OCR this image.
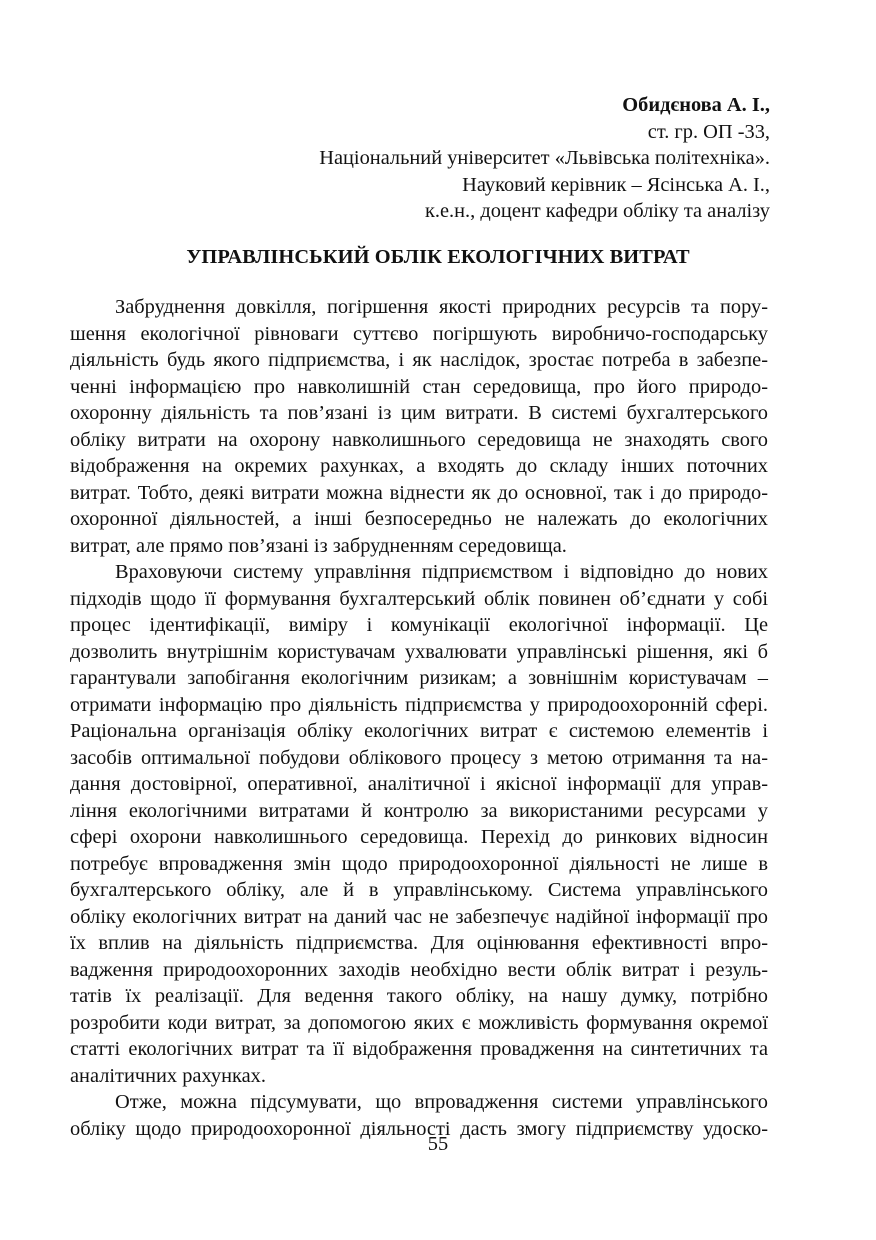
Обидєнова А. І.,
ст. гр. ОП -33,
Національний університет «Львівська політехніка».
Науковий керівник – Ясінська А. І.,
к.е.н., доцент кафедри обліку та аналізу
УПРАВЛІНСЬКИЙ ОБЛІК ЕКОЛОГІЧНИХ ВИТРАТ

Забруднення довкілля, погіршення якості природних ресурсів та пору-
шення екологічної рівноваги суттєво погіршують виробничо-господарську
діяльність будь якого підприємства, і як наслідок, зростає потреба в забезпе-
ченні інформацією про навколишній стан середовища, про його природо-
охоронну діяльність та пов’язані із цим витрати. В системі бухгалтерського
обліку витрати на охорону навколишнього середовища не знаходять свого
відображення на окремих рахунках, а входять до складу інших поточних
витрат. Тобто, деякі витрати можна віднести як до основної, так і до природо-
охоронної діяльностей, а інші безпосередньо не належать до екологічних
витрат, але прямо пов’язані із забрудненням середовища.

Враховуючи систему управління підприємством і відповідно до нових
підходів щодо її формування бухгалтерський облік повинен об’єднати у собі
процес ідентифікації, виміру і комунікації екологічної інформації. Це
дозволить внутрішнім користувачам ухвалювати управлінські рішення, які б
гарантували запобігання екологічним ризикам; а зовнішнім користувачам –
отримати інформацію про діяльність підприємства у природоохоронній сфері.
Раціональна організація обліку екологічних витрат є системою елементів і
засобів оптимальної побудови облікового процесу з метою отримання та на-
дання достовірної, оперативної, аналітичної і якісної інформації для управ-
ління екологічними витратами й контролю за використаними ресурсами у
сфері охорони навколишнього середовища. Перехід до ринкових відносин
потребує впровадження змін щодо природоохоронної діяльності не лише в
бухгалтерського обліку, але й в управлінському. Система управлінського
обліку екологічних витрат на даний час не забезпечує надійної інформації про
їх вплив на діяльність підприємства. Для оцінювання ефективності впро-
вадження природоохоронних заходів необхідно вести облік витрат і резуль-
татів їх реалізації. Для ведення такого обліку, на нашу думку, потрібно
розробити коди витрат, за допомогою яких є можливість формування окремої
статті екологічних витрат та її відображення провадження на синтетичних та
аналітичних рахунках.

Отже, можна підсумувати, що впровадження системи управлінського
обліку щодо природоохоронної діяльності дасть змогу підприємству удоско-

55
